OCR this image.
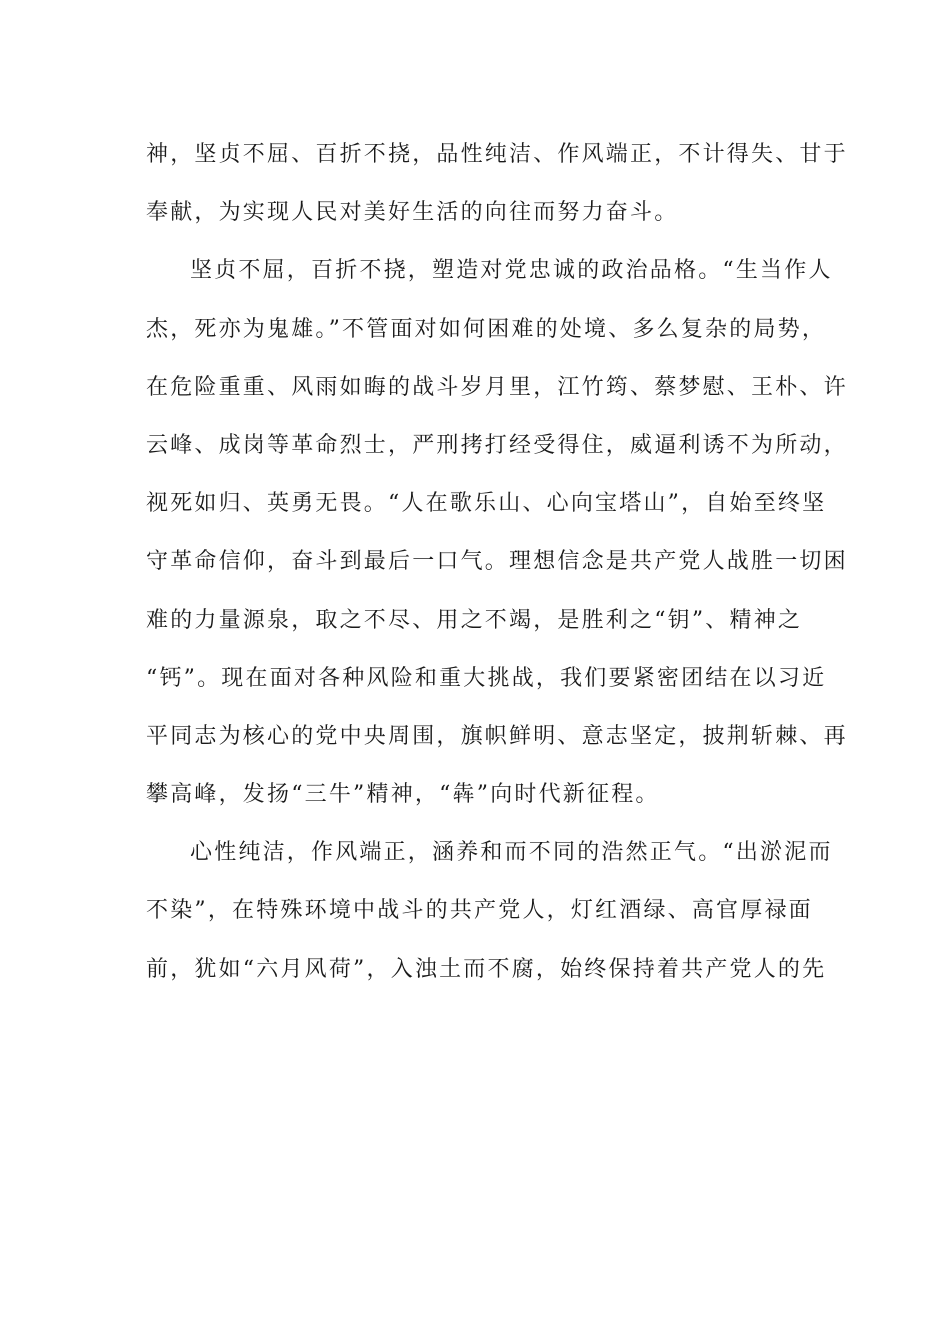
神，坚贞不屈、百折不挠，品性纯洁、作风端正，不计得失、甘于
奉献，为实现人民对美好生活的向往而努力奋斗。
坚贞不屈，百折不挠，塑造对党忠诚的政治品格。“生当作人
杰，死亦为鬼雄。”不管面对如何困难的处境、多么复杂的局势，
在危险重重、风雨如晦的战斗岁月里，江竹筠、蔡梦慰、王朴、许
云峰、成岗等革命烈士，严刑拷打经受得住，威逼利诱不为所动，
视死如归、英勇无畏。“人在歌乐山、心向宝塔山”，自始至终坚
守革命信仰，奋斗到最后一口气。理想信念是共产党人战胜一切困
难的力量源泉，取之不尽、用之不竭，是胜利之“钥”、精神之
“钙”。现在面对各种风险和重大挑战，我们要紧密团结在以习近
平同志为核心的党中央周围，旗帜鲜明、意志坚定，披荆斩棘、再
攀高峰，发扬“三牛”精神，“犇”向时代新征程。
心性纯洁，作风端正，涵养和而不同的浩然正气。“出淤泥而
不染”，在特殊环境中战斗的共产党人，灯红酒绿、高官厚禄面
前，犹如“六月风荷”，入浊土而不腐，始终保持着共产党人的先
